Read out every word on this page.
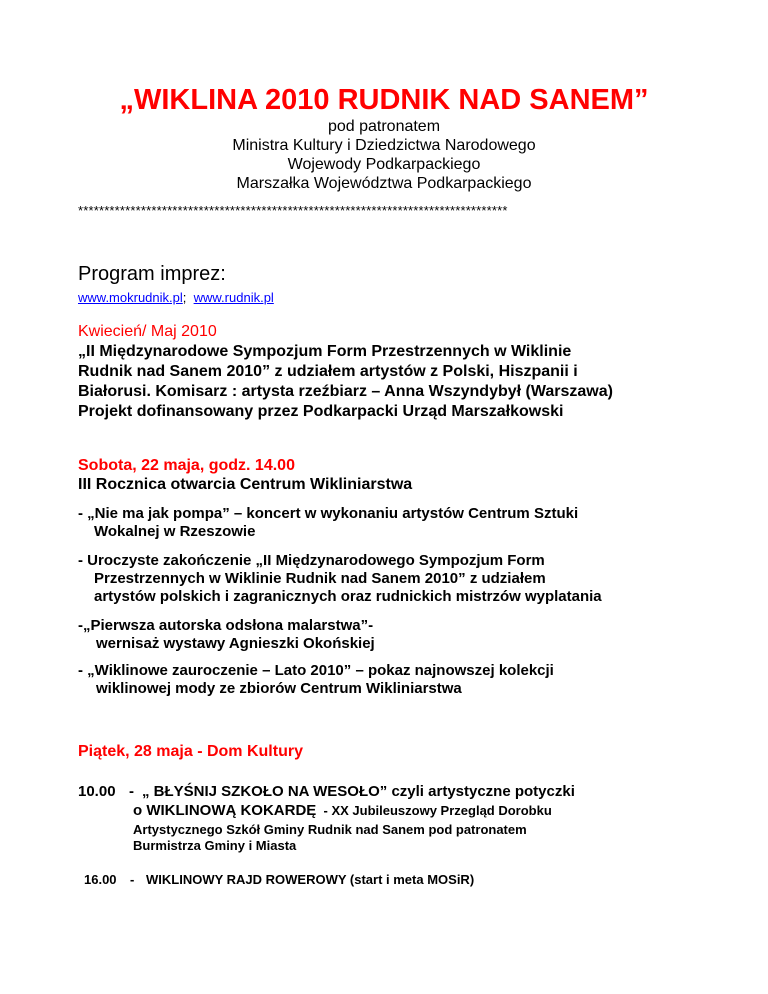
„WIKLINA 2010 RUDNIK NAD SANEM”
pod patronatem
Ministra Kultury i Dziedzictwa Narodowego
Wojewody Podkarpackiego
Marszałka Województwa Podkarpackiego
**********************************************************************************
Program imprez:
www.mokrudnik.pl;  www.rudnik.pl
Kwiecień/ Maj 2010
„II Międzynarodowe Sympozjum Form Przestrzennych w Wiklinie
Rudnik nad Sanem 2010” z udziałem artystów z Polski, Hiszpanii i
Białorusi. Komisarz : artysta rzeźbiarz – Anna Wszyndybył (Warszawa)
Projekt dofinansowany przez Podkarpacki Urząd Marszałkowski
Sobota, 22 maja, godz. 14.00
III Rocznica otwarcia Centrum Wikliniarstwa
- „Nie ma jak pompa” – koncert w wykonaniu artystów Centrum Sztuki
Wokalnej w Rzeszowie
- Uroczyste zakończenie „II Międzynarodowego Sympozjum Form
Przestrzennych w Wiklinie Rudnik nad Sanem 2010” z udziałem
artystów polskich i zagranicznych oraz rudnickich mistrzów wyplatania
-„Pierwsza autorska odsłona malarstwa”-
wernisaż wystawy Agnieszki Okońskiej
- „Wiklinowe zauroczenie – Lato 2010” – pokaz najnowszej kolekcji
wiklinowej mody ze zbiorów Centrum Wikliniarstwa
Piątek, 28 maja - Dom Kultury
10.00 - „ BŁYŚNIJ SZKOŁO NA WESOŁO” czyli artystyczne potyczki
o WIKLINOWĄ KOKARDĘ  - XX Jubileuszowy Przegląd Dorobku
Artystycznego Szkół Gminy Rudnik nad Sanem pod patronatem
Burmistrza Gminy i Miasta
16.00 - WIKLINOWY RAJD ROWEROWY (start i meta MOSiR)
